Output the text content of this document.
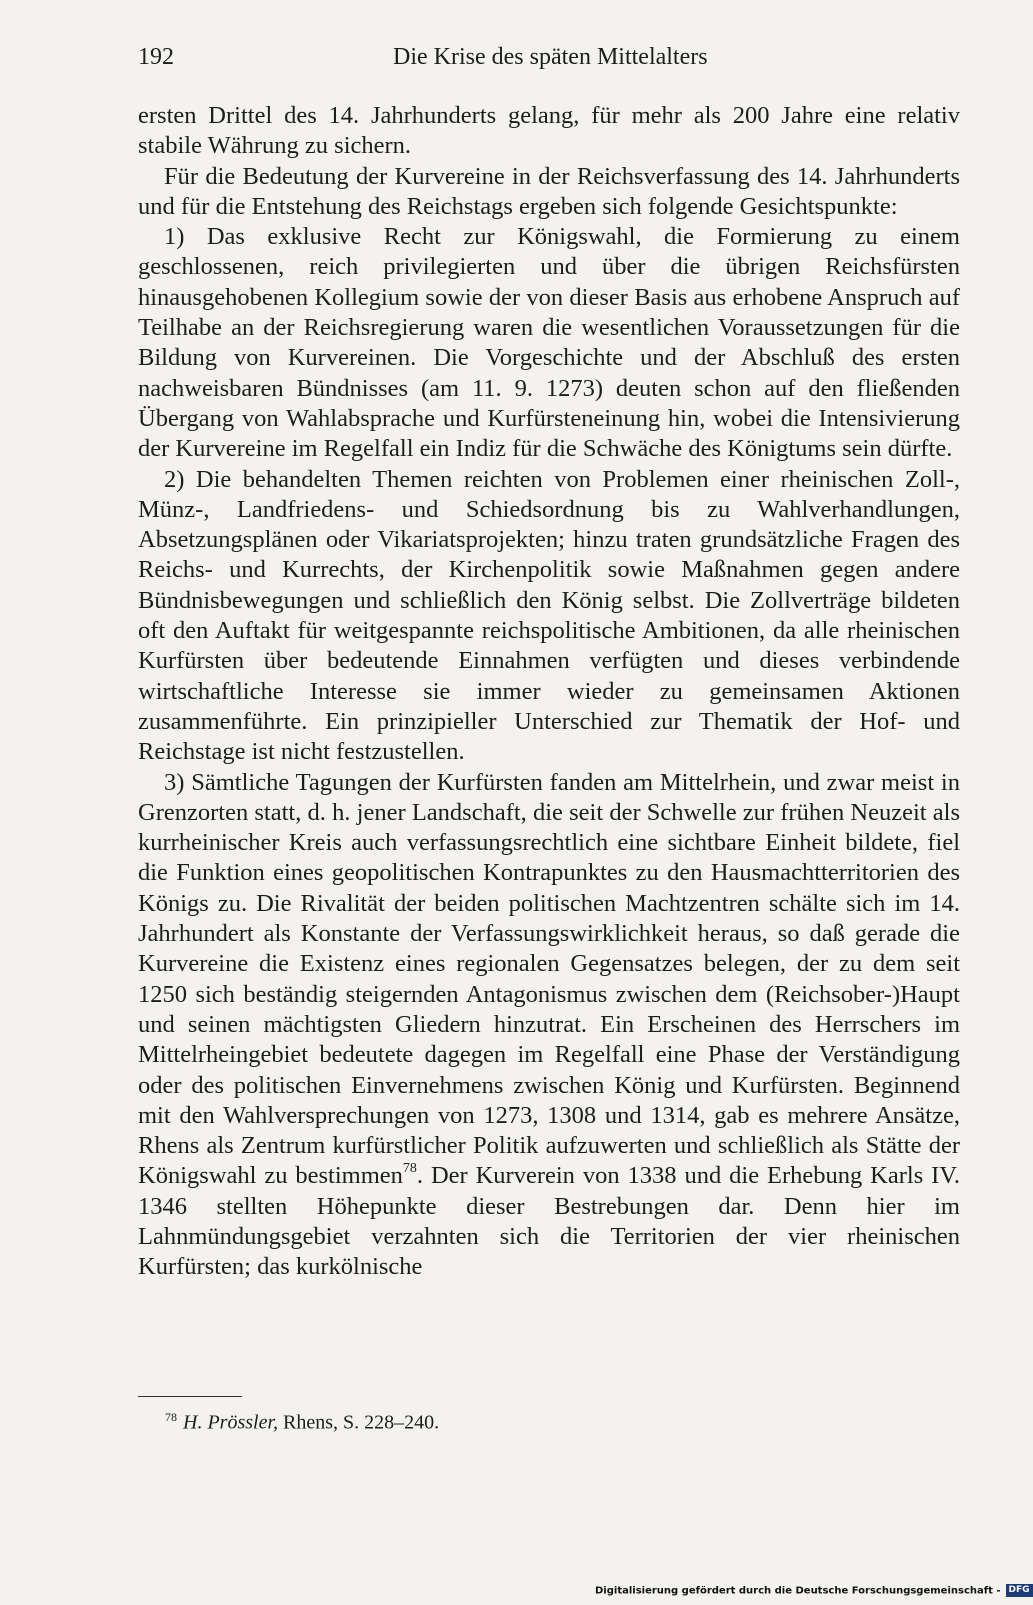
192	Die Krise des späten Mittelalters

ersten Drittel des 14. Jahrhunderts gelang, für mehr als 200 Jahre eine relativ stabile Währung zu sichern.

Für die Bedeutung der Kurvereine in der Reichsverfassung des 14. Jahrhunderts und für die Entstehung des Reichstags ergeben sich folgende Gesichtspunkte:

1) Das exklusive Recht zur Königswahl, die Formierung zu einem geschlossenen, reich privilegierten und über die übrigen Reichsfürsten hinausgehobenen Kollegium sowie der von dieser Basis aus erhobene Anspruch auf Teilhabe an der Reichsregierung waren die wesentlichen Voraussetzungen für die Bildung von Kurvereinen. Die Vorgeschichte und der Abschluß des ersten nachweisbaren Bündnisses (am 11. 9. 1273) deuten schon auf den fließenden Übergang von Wahlabsprache und Kurfürsteneinung hin, wobei die Intensivierung der Kurvereine im Regelfall ein Indiz für die Schwäche des Königtums sein dürfte.

2) Die behandelten Themen reichten von Problemen einer rheinischen Zoll-, Münz-, Landfriedens- und Schiedsordnung bis zu Wahlverhandlungen, Absetzungsplänen oder Vikariatsprojekten; hinzu traten grundsätzliche Fragen des Reichs- und Kurrechts, der Kirchenpolitik sowie Maßnahmen gegen andere Bündnisbewegungen und schließlich den König selbst. Die Zollverträge bildeten oft den Auftakt für weitgespannte reichspolitische Ambitionen, da alle rheinischen Kurfürsten über bedeutende Einnahmen verfügten und dieses verbindende wirtschaftliche Interesse sie immer wieder zu gemeinsamen Aktionen zusammenführte. Ein prinzipieller Unterschied zur Thematik der Hof- und Reichstage ist nicht festzustellen.

3) Sämtliche Tagungen der Kurfürsten fanden am Mittelrhein, und zwar meist in Grenzorten statt, d. h. jener Landschaft, die seit der Schwelle zur frühen Neuzeit als kurrheinischer Kreis auch verfassungsrechtlich eine sichtbare Einheit bildete, fiel die Funktion eines geopolitischen Kontrapunktes zu den Hausmachtterritorien des Königs zu. Die Rivalität der beiden politischen Machtzentren schälte sich im 14. Jahrhundert als Konstante der Verfassungswirklichkeit heraus, so daß gerade die Kurvereine die Existenz eines regionalen Gegensatzes belegen, der zu dem seit 1250 sich beständig steigernden Antagonismus zwischen dem (Reichsober-)Haupt und seinen mächtigsten Gliedern hinzutrat. Ein Erscheinen des Herrschers im Mittelrheingebiet bedeutete dagegen im Regelfall eine Phase der Verständigung oder des politischen Einvernehmens zwischen König und Kurfürsten. Beginnend mit den Wahlversprechungen von 1273, 1308 und 1314, gab es mehrere Ansätze, Rhens als Zentrum kurfürstlicher Politik aufzuwerten und schließlich als Stätte der Königswahl zu bestimmen$^{78}$. Der Kurverein von 1338 und die Erhebung Karls IV. 1346 stellten Höhepunkte dieser Bestrebungen dar. Denn hier im Lahnmündungsgebiet verzahnten sich die Territorien der vier rheinischen Kurfürsten; das kurkölnische

$^{78}$ H. Prössler, Rhens, S. 228–240.
Digitalisierung gefördert durch die Deutsche Forschungsgemeinschaft - DFG
